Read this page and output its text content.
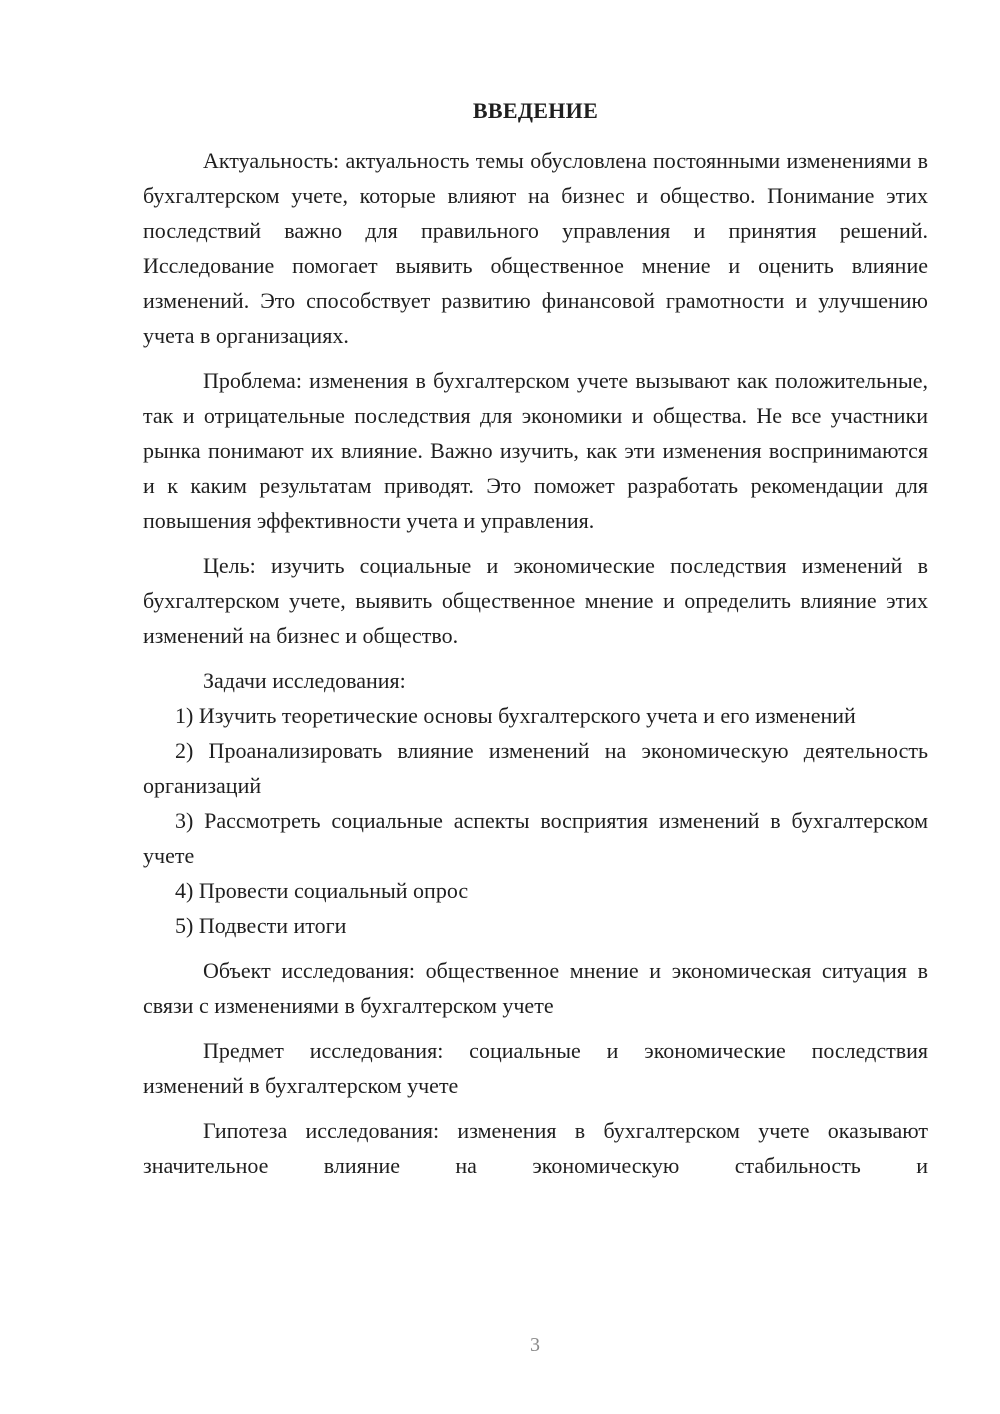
ВВЕДЕНИЕ

Актуальность: актуальность темы обусловлена постоянными изменениями в бухгалтерском учете, которые влияют на бизнес и общество. Понимание этих последствий важно для правильного управления и принятия решений. Исследование помогает выявить общественное мнение и оценить влияние изменений. Это способствует развитию финансовой грамотности и улучшению учета в организациях.

Проблема: изменения в бухгалтерском учете вызывают как положительные, так и отрицательные последствия для экономики и общества. Не все участники рынка понимают их влияние. Важно изучить, как эти изменения воспринимаются и к каким результатам приводят. Это поможет разработать рекомендации для повышения эффективности учета и управления.

Цель: изучить социальные и экономические последствия изменений в бухгалтерском учете, выявить общественное мнение и определить влияние этих изменений на бизнес и общество.

Задачи исследования:

1) Изучить теоретические основы бухгалтерского учета и его изменений

2) Проанализировать влияние изменений на экономическую деятельность организаций

3) Рассмотреть социальные аспекты восприятия изменений в бухгалтерском учете

4) Провести социальный опрос

5) Подвести итоги

Объект исследования: общественное мнение и экономическая ситуация в связи с изменениями в бухгалтерском учете

Предмет исследования: социальные и экономические последствия изменений в бухгалтерском учете

Гипотеза исследования: изменения в бухгалтерском учете оказывают значительное влияние на экономическую стабильность и

3
